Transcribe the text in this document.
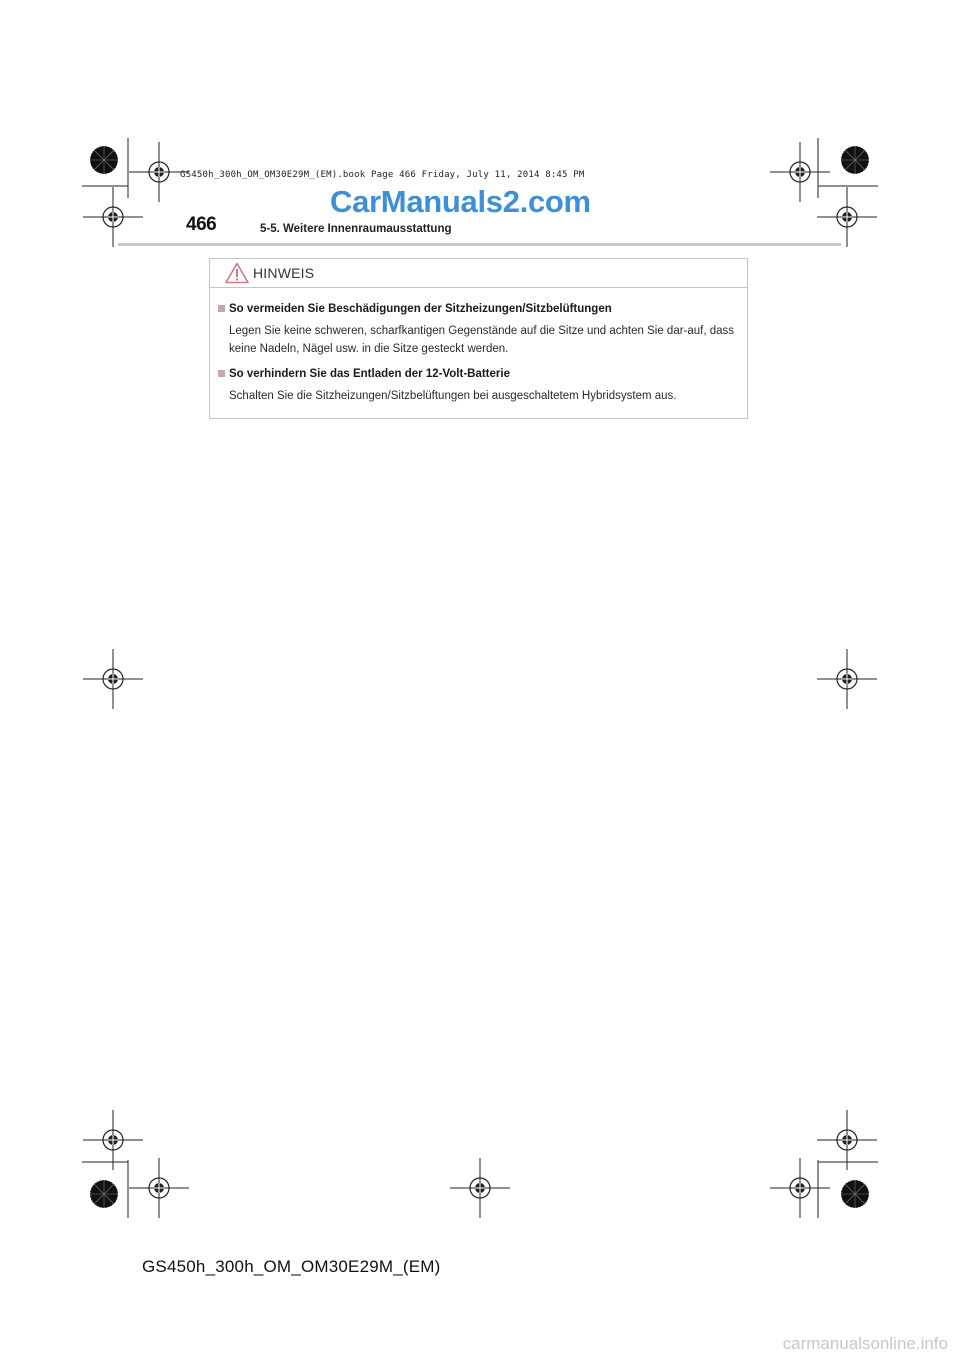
GS450h_300h_OM_OM30E29M_(EM).book Page 466 Friday, July 11, 2014 8:45 PM
CarManuals2.com
466	5-5. Weitere Innenraumausstattung
HINWEIS
So vermeiden Sie Beschädigungen der Sitzheizungen/Sitzbelüftungen
Legen Sie keine schweren, scharfkantigen Gegenstände auf die Sitze und achten Sie dar-auf, dass keine Nadeln, Nägel usw. in die Sitze gesteckt werden.
So verhindern Sie das Entladen der 12-Volt-Batterie
Schalten Sie die Sitzheizungen/Sitzbelüftungen bei ausgeschaltetem Hybridsystem aus.
GS450h_300h_OM_OM30E29M_(EM)
carmanualsonline.info
